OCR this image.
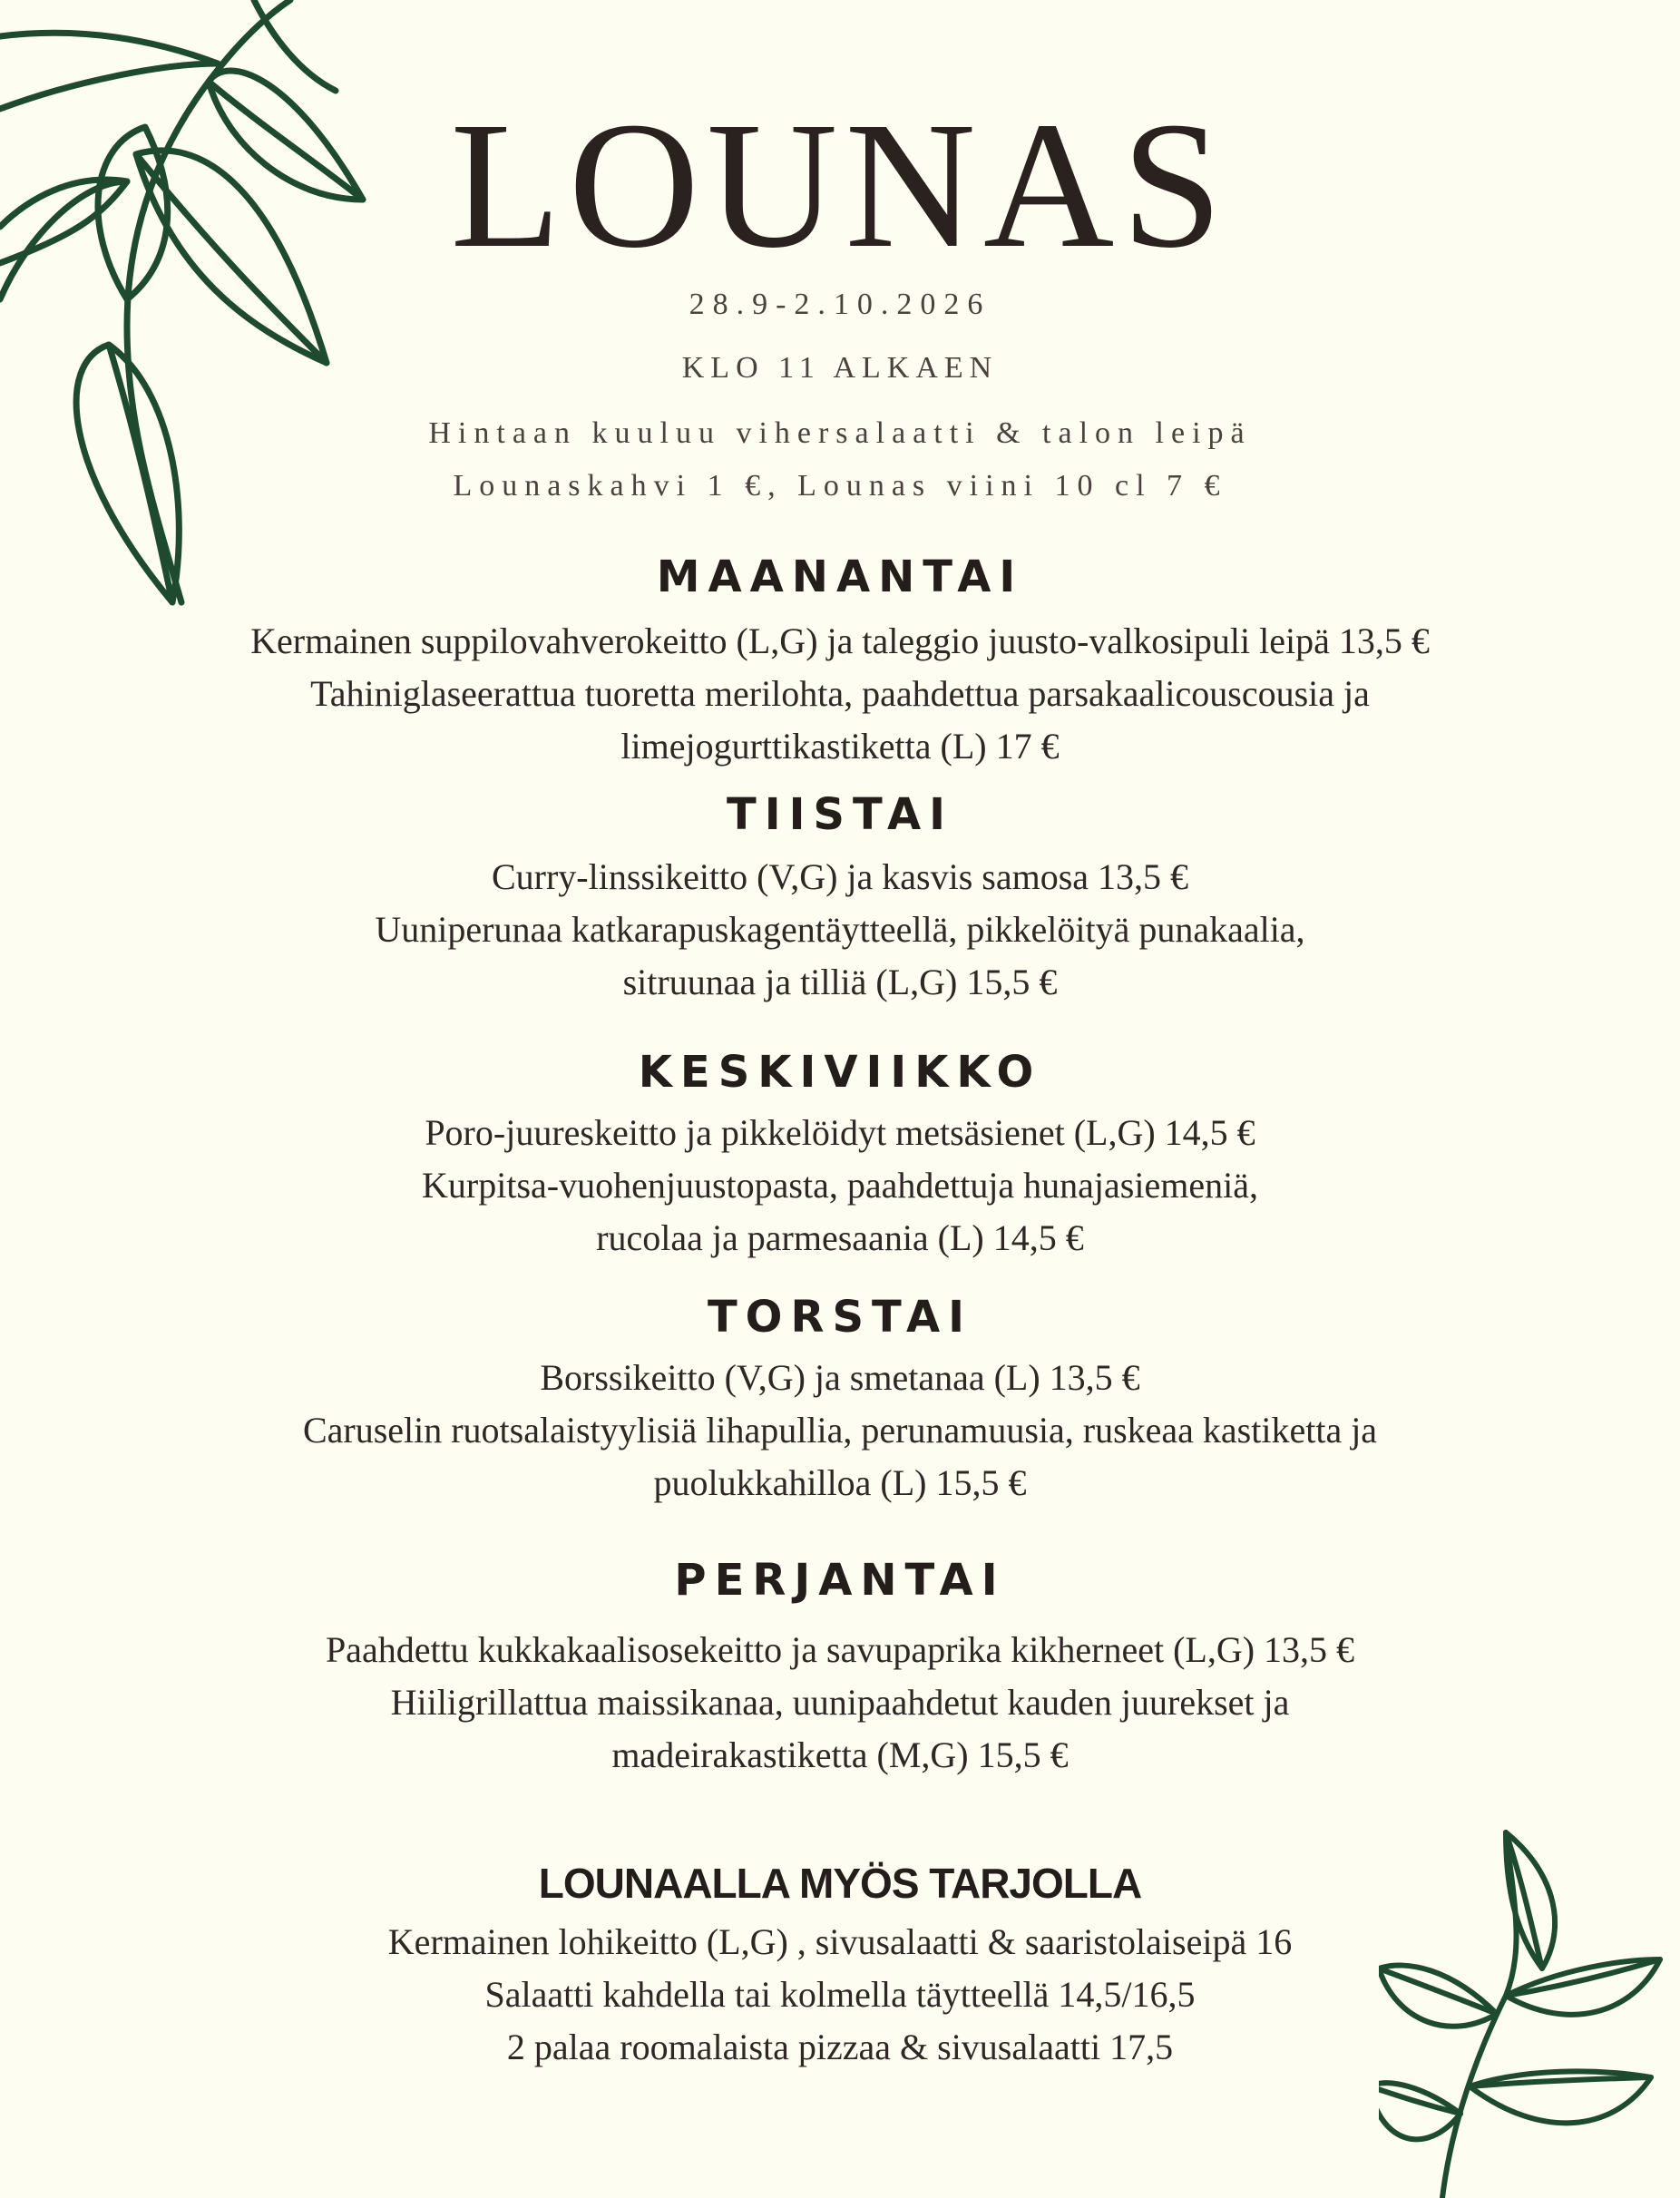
LOUNAS
28.9-2.10.2026
KLO 11 ALKAEN
Hintaan kuuluu vihersalaatti & talon leipä
Lounaskahvi 1 €, Lounas viini 10 cl 7 €
MAANANTAI
Kermainen suppilovahverokeitto (L,G) ja taleggio juusto-valkosipuli leipä 13,5 €
Tahiniglaseerattua tuoretta merilohta, paahdettua parsakaalicouscousia ja
limejogurttikastiketta (L) 17 €
TIISTAI
Curry-linssikeitto (V,G) ja kasvis samosa 13,5 €
Uuniperunaa katkarapuskagentäytteellä, pikkelöityä punakaalia,
sitruunaa ja tilliä (L,G) 15,5 €
KESKIVIIKKO
Poro-juureskeitto ja pikkelöidyt metsäsienet (L,G) 14,5 €
Kurpitsa-vuohenjuustopasta, paahdettuja hunajasiemeniä,
rucolaa ja parmesaania (L) 14,5 €
TORSTAI
Borssikeitto (V,G) ja smetanaa (L) 13,5 €
Caruselin ruotsalaistyylisiä lihapullia, perunamuusia, ruskeaa kastiketta ja
puolukkahilloa (L) 15,5 €
PERJANTAI
Paahdettu kukkakaalisosekeitto ja savupaprika kikherneet (L,G) 13,5 €
Hiiligrillattua maissikanaa, uunipaahdetut kauden juurekset ja
madeirakastiketta (M,G) 15,5 €
LOUNAALLA MYÖS TARJOLLA
Kermainen lohikeitto (L,G) , sivusalaatti & saaristolaiseipä 16
Salaatti kahdella tai kolmella täytteellä 14,5/16,5
2 palaa roomalaista pizzaa & sivusalaatti 17,5
